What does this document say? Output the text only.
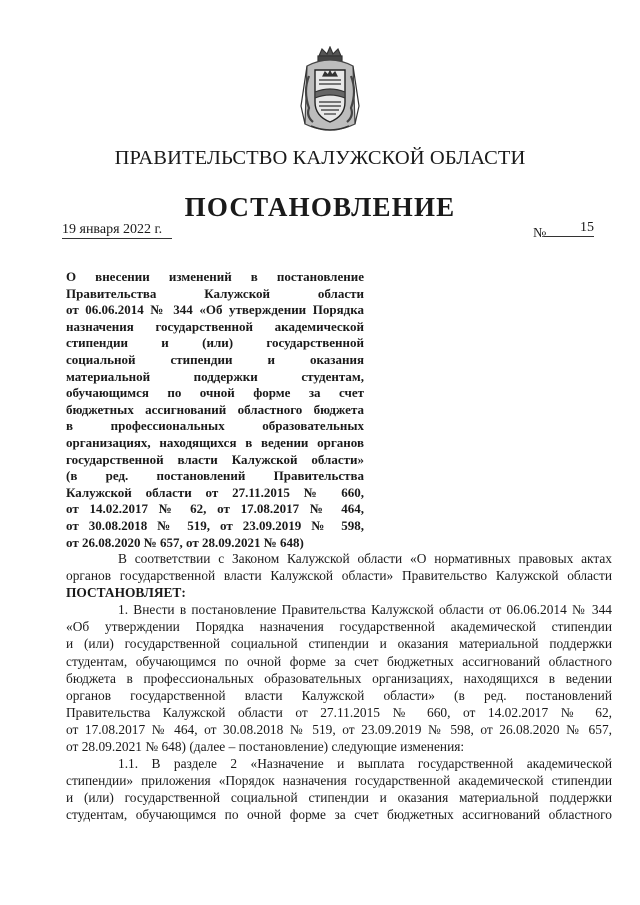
ПРАВИТЕЛЬСТВО КАЛУЖСКОЙ ОБЛАСТИ
ПОСТАНОВЛЕНИЕ
19 января 2022 г.	№	15
О внесении изменений в постановление
Правительства Калужской области
от 06.06.2014 № 344 «Об утверждении Порядка
назначения государственной академической
стипендии и (или) государственной
социальной стипендии и оказания
материальной поддержки студентам,
обучающимся по очной форме за счет
бюджетных ассигнований областного бюджета
в профессиональных образовательных
организациях, находящихся в ведении органов
государственной власти Калужской области»
(в ред. постановлений Правительства
Калужской области от 27.11.2015 № 660,
от 14.02.2017 № 62, от 17.08.2017 № 464,
от 30.08.2018 № 519, от 23.09.2019 № 598,
от 26.08.2020 № 657, от 28.09.2021 № 648)
В соответствии с Законом Калужской области «О нормативных правовых актах
органов государственной власти Калужской области» Правительство Калужской области
ПОСТАНОВЛЯЕТ:
1. Внести в постановление Правительства Калужской области от 06.06.2014 № 344
«Об утверждении Порядка назначения государственной академической стипендии
и (или) государственной социальной стипендии и оказания материальной поддержки
студентам, обучающимся по очной форме за счет бюджетных ассигнований областного
бюджета в профессиональных образовательных организациях, находящихся в ведении
органов государственной власти Калужской области» (в ред. постановлений
Правительства Калужской области от 27.11.2015 № 660, от 14.02.2017 № 62,
от 17.08.2017 № 464, от 30.08.2018 № 519, от 23.09.2019 № 598, от 26.08.2020 № 657,
от 28.09.2021 № 648) (далее – постановление) следующие изменения:
1.1. В разделе 2 «Назначение и выплата государственной академической
стипендии» приложения «Порядок назначения государственной академической стипендии
и (или) государственной социальной стипендии и оказания материальной поддержки
студентам, обучающимся по очной форме за счет бюджетных ассигнований областного
